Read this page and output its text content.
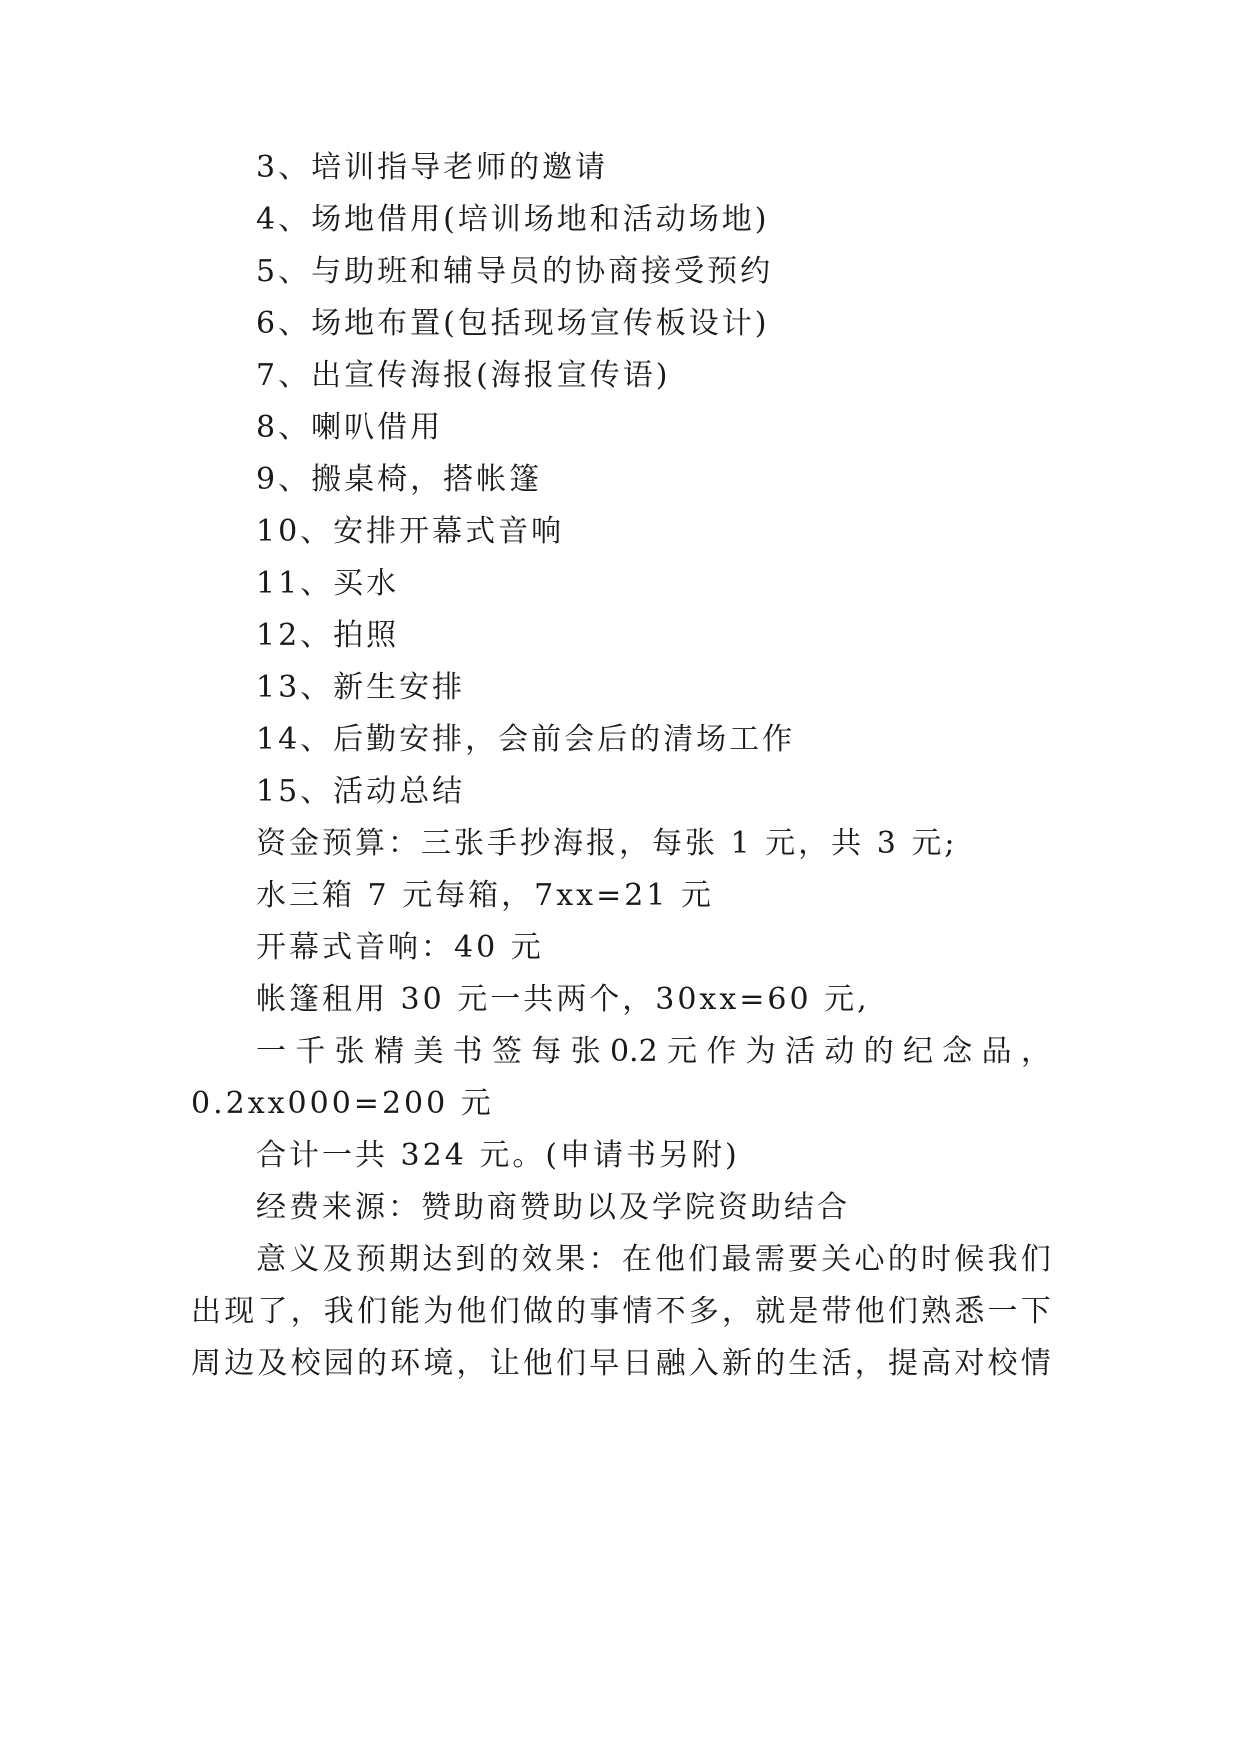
3、培训指导老师的邀请
4、场地借用(培训场地和活动场地)
5、与助班和辅导员的协商接受预约
6、场地布置(包括现场宣传板设计)
7、出宣传海报(海报宣传语)
8、喇叭借用
9、搬桌椅，搭帐篷
10、安排开幕式音响
11、买水
12、拍照
13、新生安排
14、后勤安排，会前会后的清场工作
15、活动总结
资金预算：三张手抄海报，每张 1 元，共 3 元;
水三箱 7 元每箱，7xx=21 元
开幕式音响：40 元
帐篷租用 30 元一共两个，30xx=60 元,
一 千 张 精 美 书 签 每 张 0.2 元 作 为 活 动 的 纪 念 品 ，
0.2xx000=200 元
合计一共 324 元。(申请书另附)
经费来源：赞助商赞助以及学院资助结合
意 义 及 预 期 达 到 的 效 果 ： 在 他 们 最 需 要 关 心 的 时 候 我 们
出 现 了 ， 我 们 能 为 他 们 做 的 事 情 不 多 ， 就 是 带 他 们 熟 悉 一 下
周 边 及 校 园 的 环 境 ， 让 他 们 早 日 融 入 新 的 生 活 ， 提 高 对 校 情
